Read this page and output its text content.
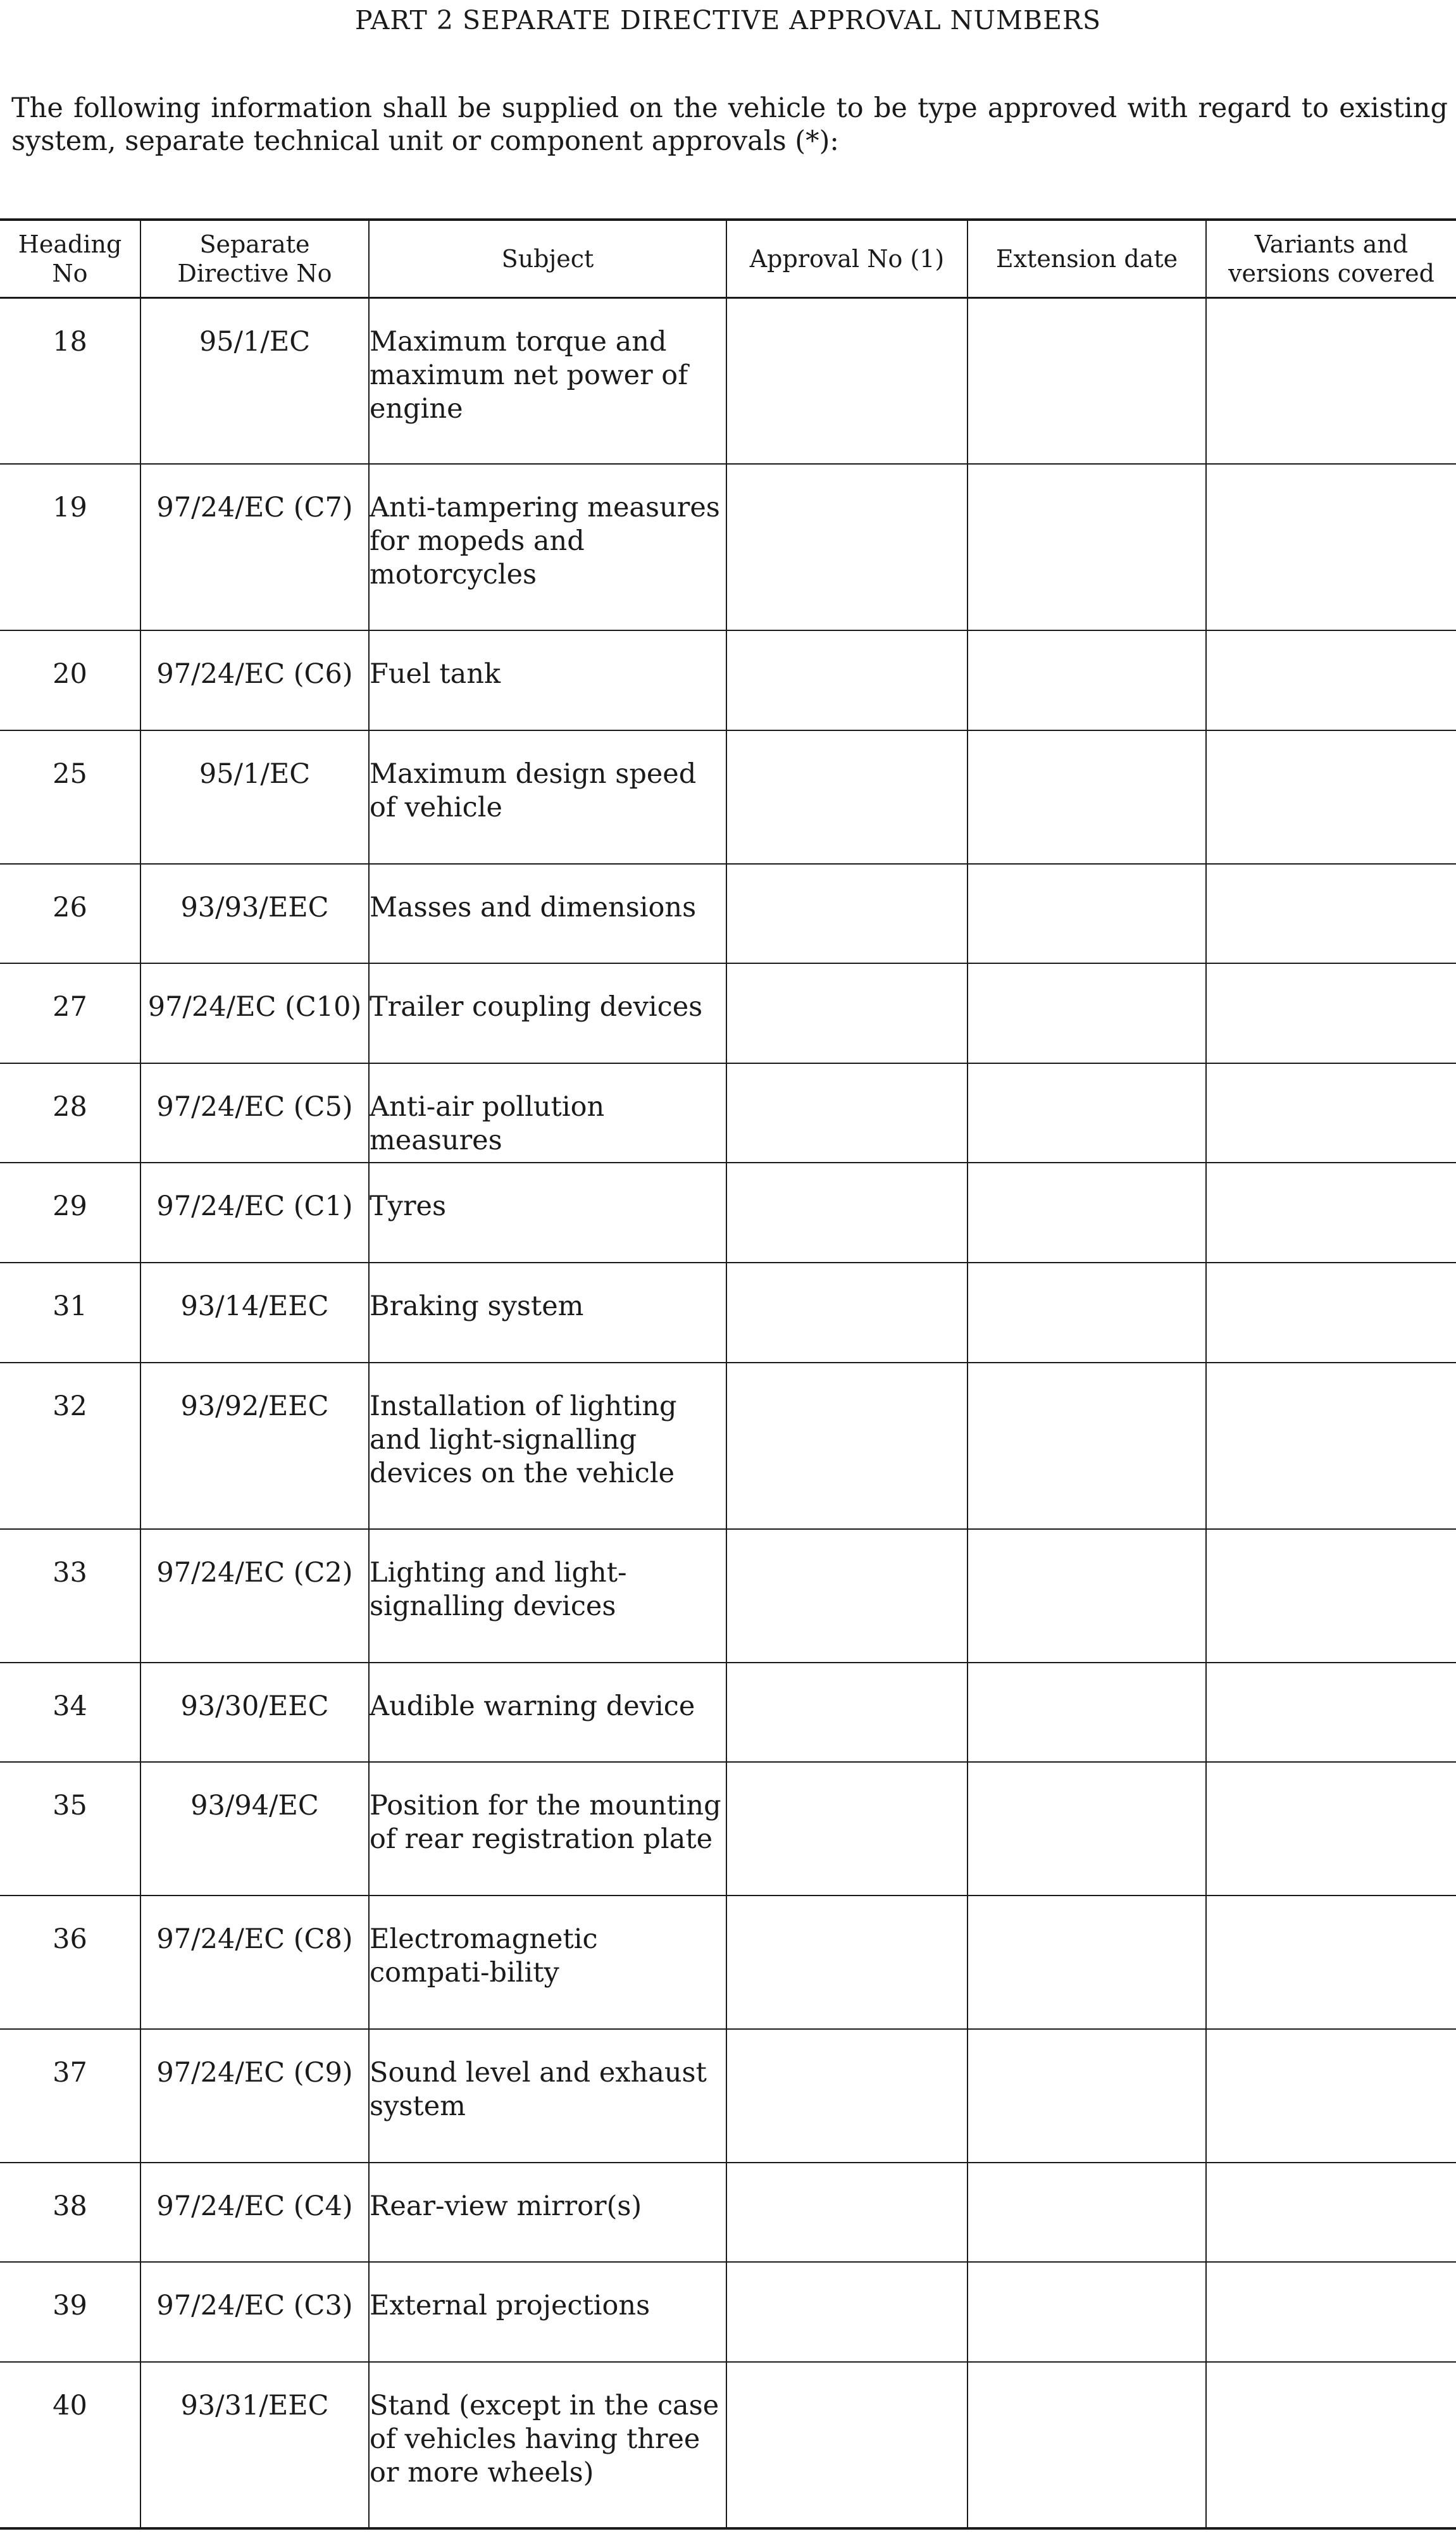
PART 2 SEPARATE DIRECTIVE APPROVAL NUMBERS
The following information shall be supplied on the vehicle to be type approved with regard to existing system, separate technical unit or component approvals (*):
Heading No	Separate Directive No	Subject	Approval No (1)	Extension date	Variants and versions covered
18	95/1/EC	Maximum torque and maximum net power of engine			
19	97/24/EC (C7)	Anti-tampering measures for mopeds and motorcycles			
20	97/24/EC (C6)	Fuel tank			
25	95/1/EC	Maximum design speed of vehicle			
26	93/93/EEC	Masses and dimensions			
27	97/24/EC (C10)	Trailer coupling devices			
28	97/24/EC (C5)	Anti-air pollution measures			
29	97/24/EC (C1)	Tyres			
31	93/14/EEC	Braking system			
32	93/92/EEC	Installation of lighting and light-signalling devices on the vehicle			
33	97/24/EC (C2)	Lighting and light-signalling devices			
34	93/30/EEC	Audible warning device			
35	93/94/EC	Position for the mounting of rear registration plate			
36	97/24/EC (C8)	Electromagnetic compati-bility			
37	97/24/EC (C9)	Sound level and exhaust system			
38	97/24/EC (C4)	Rear-view mirror(s)			
39	97/24/EC (C3)	External projections			
40	93/31/EEC	Stand (except in the case of vehicles having three or more wheels)			
